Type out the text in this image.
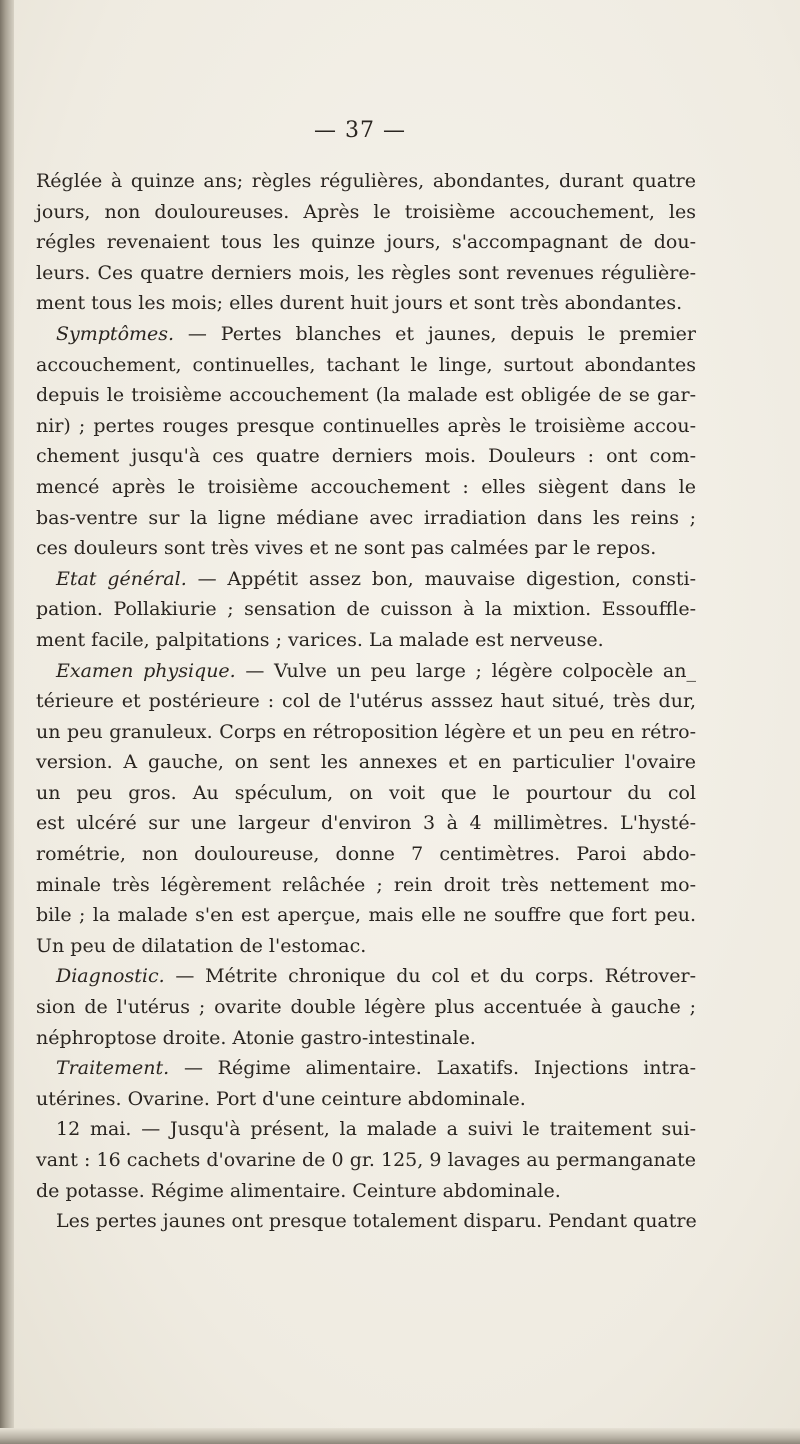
— 37 —
Réglée à quinze ans; règles régulières, abondantes, durant quatre
jours, non douloureuses. Après le troisième accouchement, les
régles revenaient tous les quinze jours, s'accompagnant de dou-
leurs. Ces quatre derniers mois, les règles sont revenues régulière-
ment tous les mois; elles durent huit jours et sont très abondantes.
Symptômes. — Pertes blanches et jaunes, depuis le premier
accouchement, continuelles, tachant le linge, surtout abondantes
depuis le troisième accouchement (la malade est obligée de se gar-
nir) ; pertes rouges presque continuelles après le troisième accou-
chement jusqu'à ces quatre derniers mois. Douleurs : ont com-
mencé après le troisième accouchement : elles siègent dans le
bas-ventre sur la ligne médiane avec irradiation dans les reins ;
ces douleurs sont très vives et ne sont pas calmées par le repos.
Etat général. — Appétit assez bon, mauvaise digestion, consti-
pation. Pollakiurie ; sensation de cuisson à la mixtion. Essouffle-
ment facile, palpitations ; varices. La malade est nerveuse.
Examen physique. — Vulve un peu large ; légère colpocèle an_
térieure et postérieure : col de l'utérus asssez haut situé, très dur,
un peu granuleux. Corps en rétroposition légère et un peu en rétro-
version. A gauche, on sent les annexes et en particulier l'ovaire
un peu gros. Au spéculum, on voit que le pourtour du col
est ulcéré sur une largeur d'environ 3 à 4 millimètres. L'hysté-
rométrie, non douloureuse, donne 7 centimètres. Paroi abdo-
minale très légèrement relâchée ; rein droit très nettement mo-
bile ; la malade s'en est aperçue, mais elle ne souffre que fort peu.
Un peu de dilatation de l'estomac.
Diagnostic. — Métrite chronique du col et du corps. Rétrover-
sion de l'utérus ; ovarite double légère plus accentuée à gauche ;
néphroptose droite. Atonie gastro-intestinale.
Traitement. — Régime alimentaire. Laxatifs. Injections intra-
utérines. Ovarine. Port d'une ceinture abdominale.
12 mai. — Jusqu'à présent, la malade a suivi le traitement sui-
vant : 16 cachets d'ovarine de 0 gr. 125, 9 lavages au permanganate
de potasse. Régime alimentaire. Ceinture abdominale.
Les pertes jaunes ont presque totalement disparu. Pendant quatre
